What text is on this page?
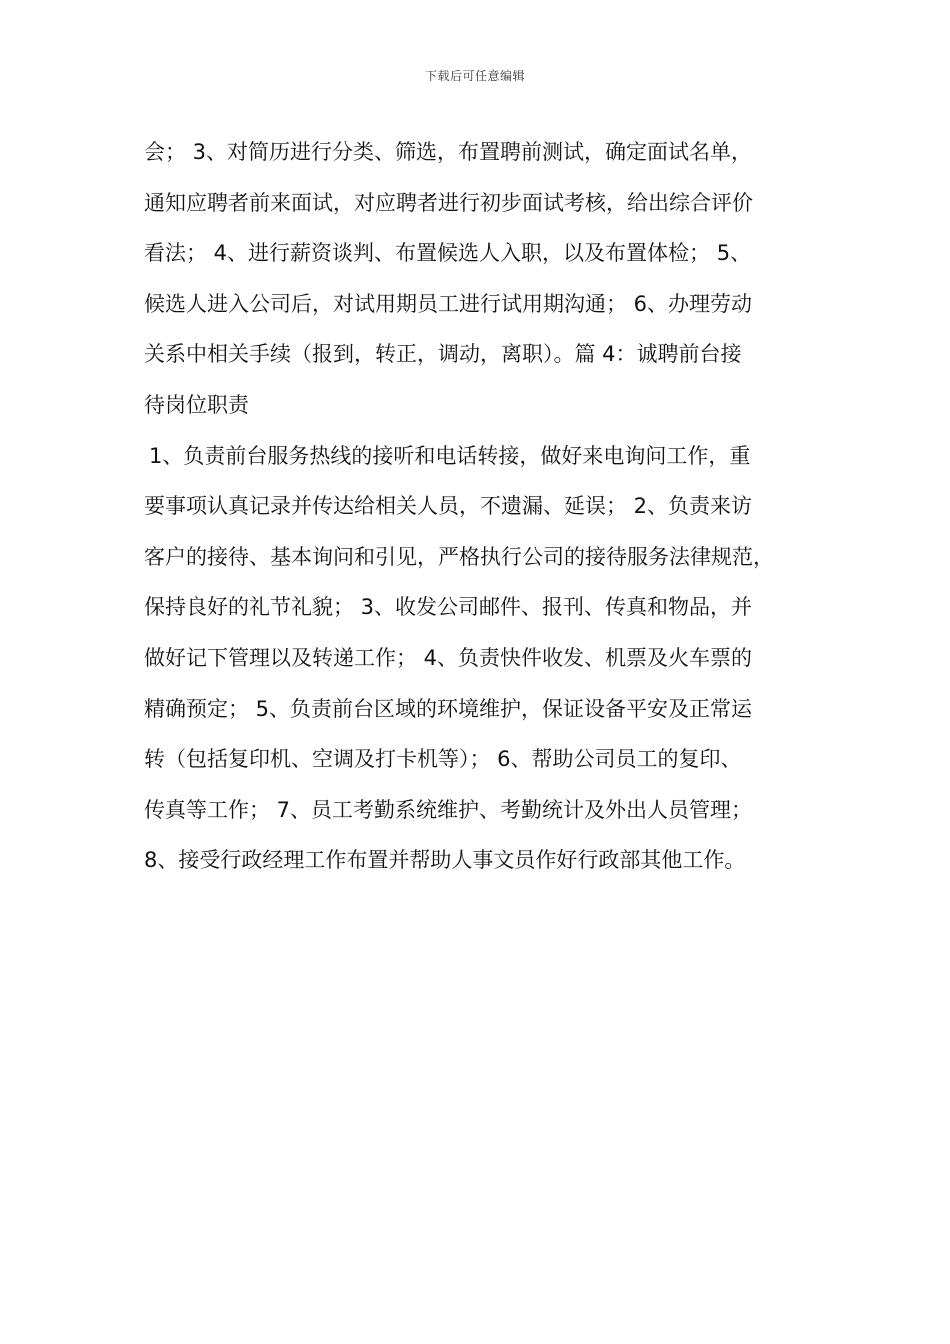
下载后可任意编辑
会； 3、对简历进行分类、筛选，布置聘前测试，确定面试名单，
通知应聘者前来面试，对应聘者进行初步面试考核，给出综合评价
看法； 4、进行薪资谈判、布置候选人入职，以及布置体检； 5、
候选人进入公司后，对试用期员工进行试用期沟通； 6、办理劳动
关系中相关手续（报到，转正，调动，离职）。篇 4：诚聘前台接
待岗位职责
1、负责前台服务热线的接听和电话转接，做好来电询问工作，重
要事项认真记录并传达给相关人员，不遗漏、延误； 2、负责来访
客户的接待、基本询问和引见，严格执行公司的接待服务法律规范，
保持良好的礼节礼貌； 3、收发公司邮件、报刊、传真和物品，并
做好记下管理以及转递工作； 4、负责快件收发、机票及火车票的
精确预定； 5、负责前台区域的环境维护，保证设备平安及正常运
转（包括复印机、空调及打卡机等）； 6、帮助公司员工的复印、
传真等工作； 7、员工考勤系统维护、考勤统计及外出人员管理；
8、接受行政经理工作布置并帮助人事文员作好行政部其他工作。
